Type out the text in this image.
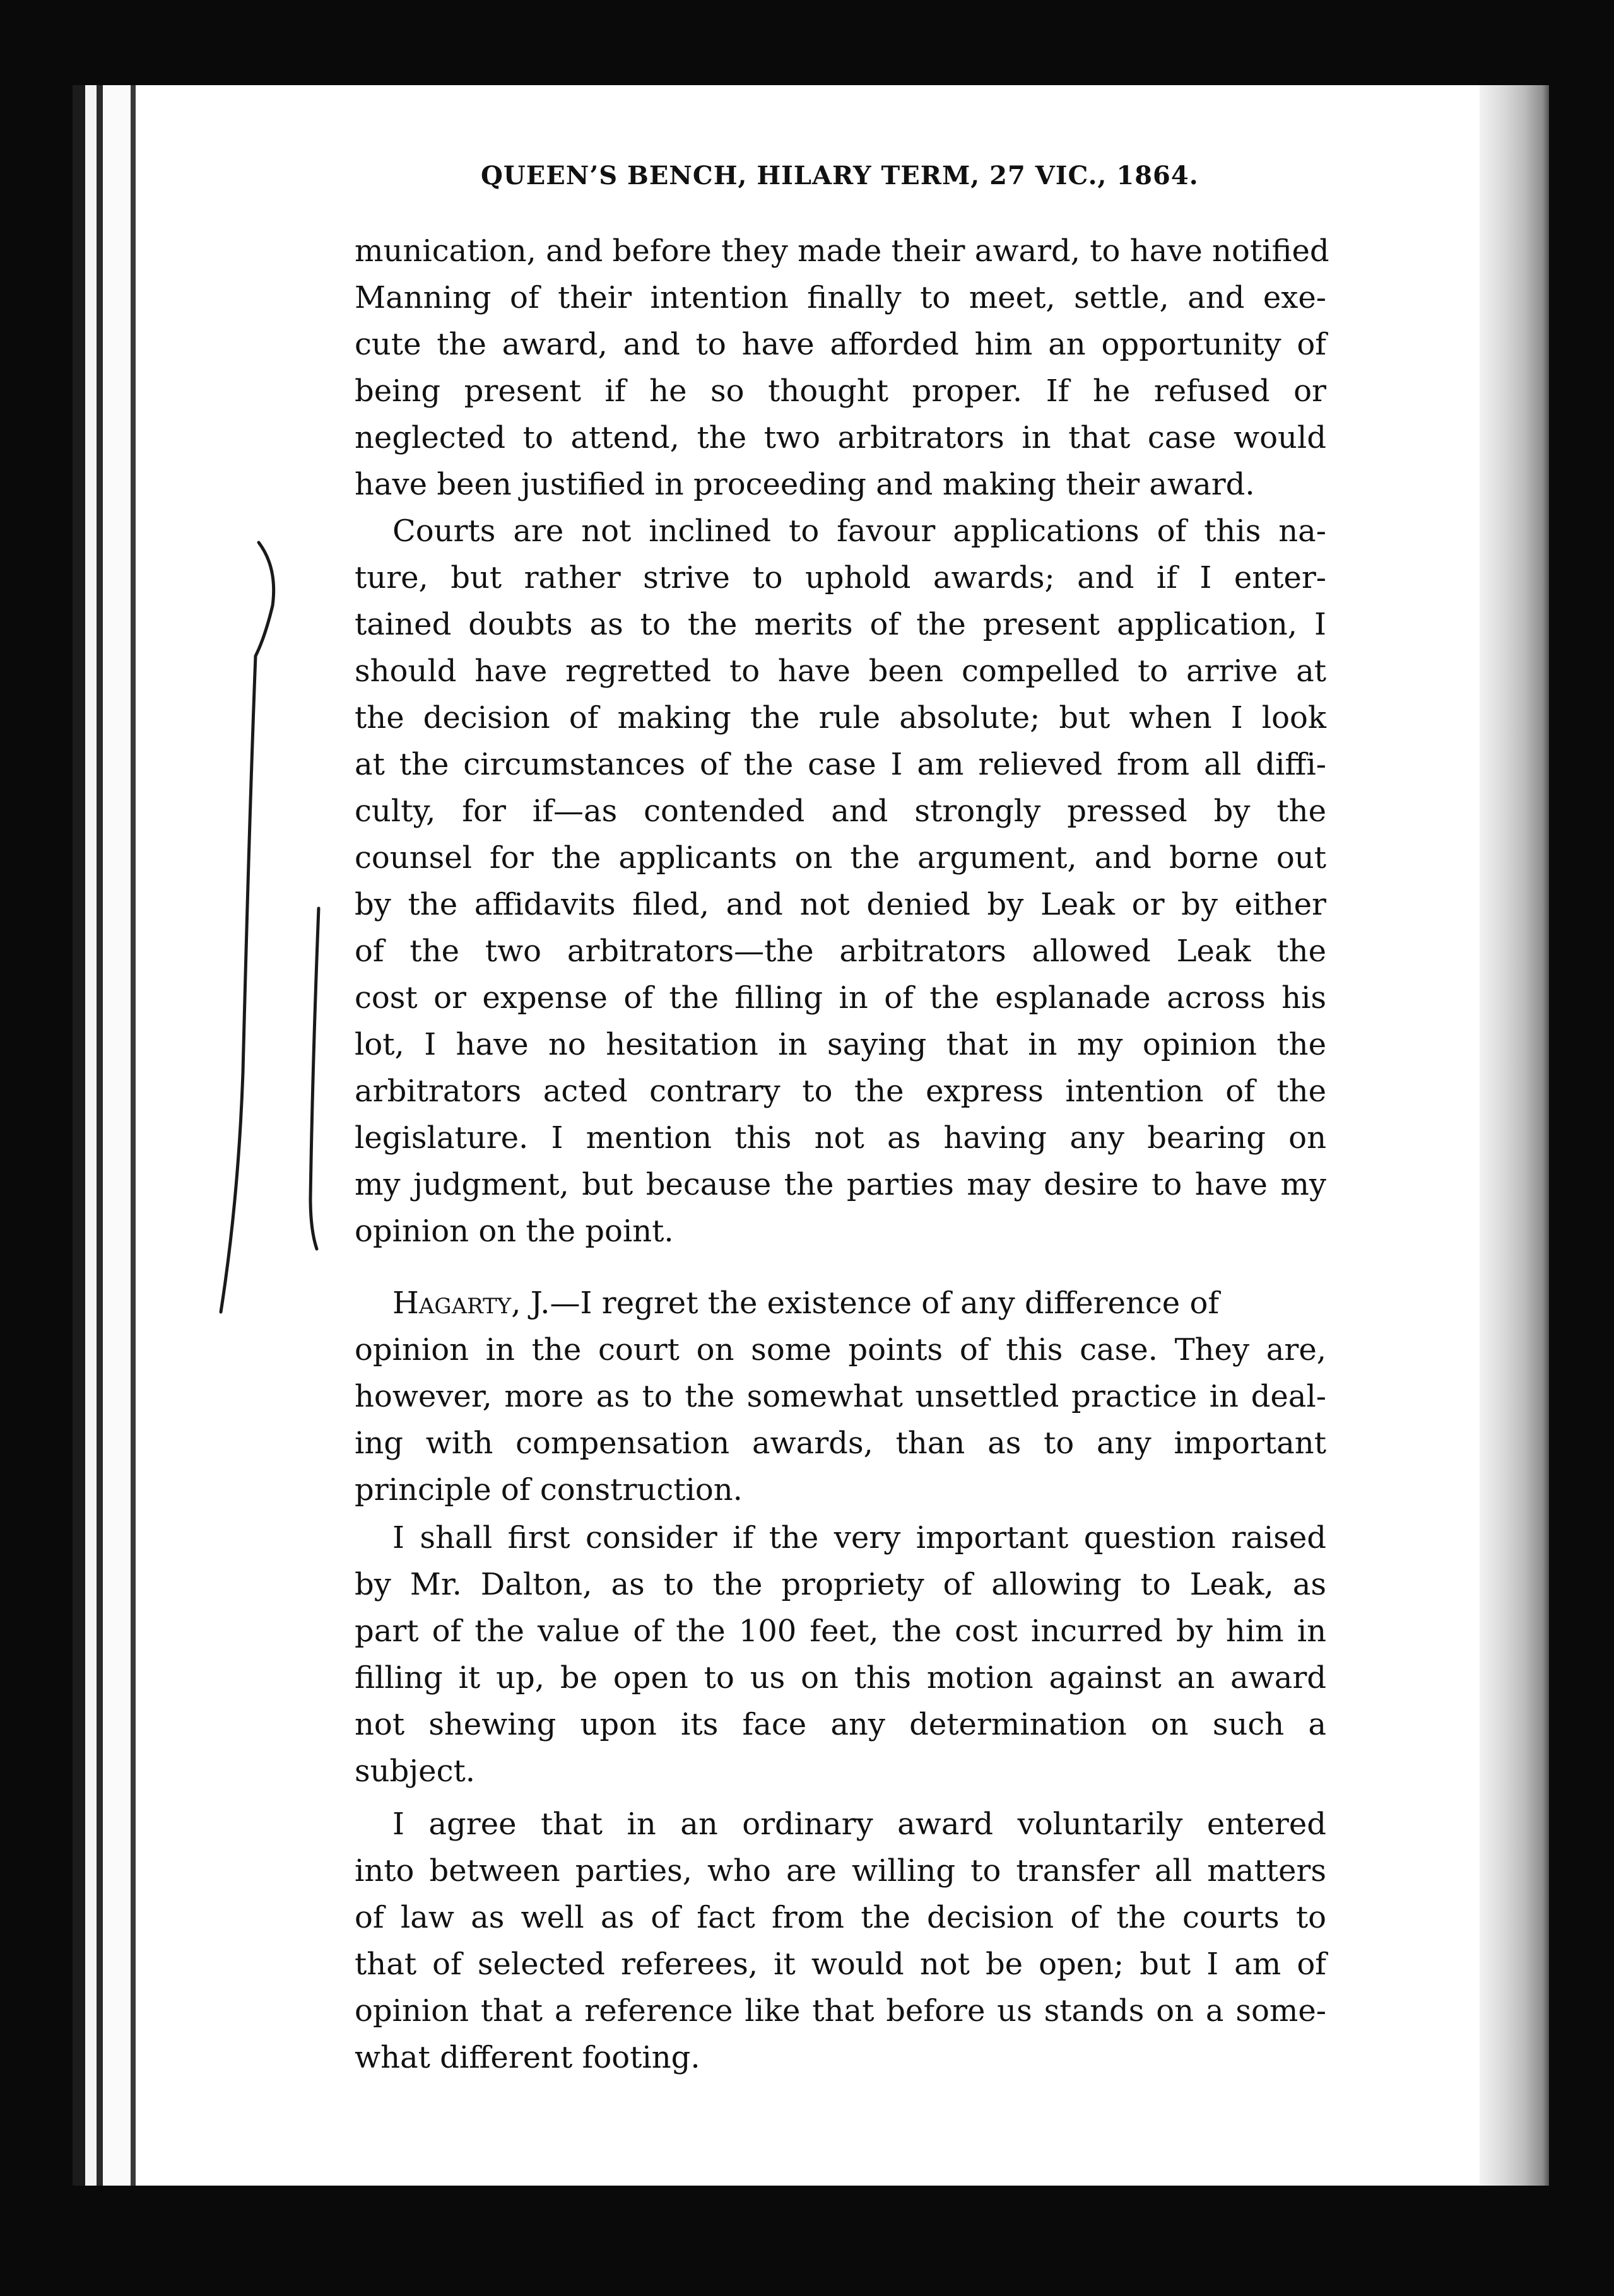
QUEEN’S BENCH, HILARY TERM, 27 VIC., 1864.
munication, and before they made their award, to have notified
Manning of their intention finally to meet, settle, and exe-
cute the award, and to have afforded him an opportunity of
being present if he so thought proper. If he refused or
neglected to attend, the two arbitrators in that case would
have been justified in proceeding and making their award.
Courts are not inclined to favour applications of this na-
ture, but rather strive to uphold awards; and if I enter-
tained doubts as to the merits of the present application, I
should have regretted to have been compelled to arrive at
the decision of making the rule absolute; but when I look
at the circumstances of the case I am relieved from all diffi-
culty, for if—as contended and strongly pressed by the
counsel for the applicants on the argument, and borne out
by the affidavits filed, and not denied by Leak or by either
of the two arbitrators—the arbitrators allowed Leak the
cost or expense of the filling in of the esplanade across his
lot, I have no hesitation in saying that in my opinion the
arbitrators acted contrary to the express intention of the
legislature. I mention this not as having any bearing on
my judgment, but because the parties may desire to have my
opinion on the point.
Hagarty, J.—I regret the existence of any difference of
opinion in the court on some points of this case. They are,
however, more as to the somewhat unsettled practice in deal-
ing with compensation awards, than as to any important
principle of construction.
I shall first consider if the very important question raised
by Mr. Dalton, as to the propriety of allowing to Leak, as
part of the value of the 100 feet, the cost incurred by him in
filling it up, be open to us on this motion against an award
not shewing upon its face any determination on such a
subject.
I agree that in an ordinary award voluntarily entered
into between parties, who are willing to transfer all matters
of law as well as of fact from the decision of the courts to
that of selected referees, it would not be open; but I am of
opinion that a reference like that before us stands on a some-
what different footing.
